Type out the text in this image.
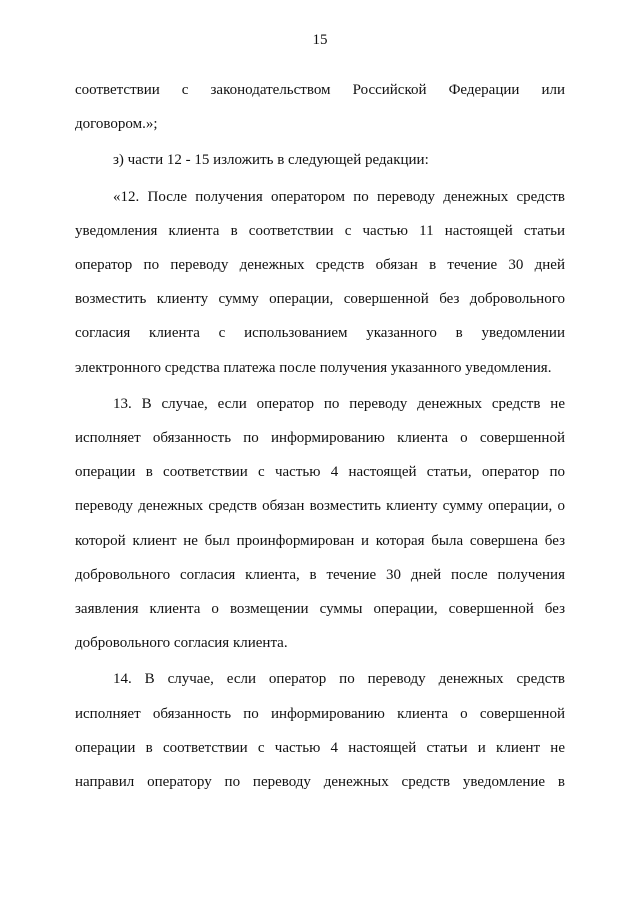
15
соответствии с законодательством Российской Федерации или
договором.»;
з) части 12 - 15 изложить в следующей редакции:
«12. После получения оператором по переводу денежных средств
уведомления клиента в соответствии с частью 11 настоящей статьи
оператор по переводу денежных средств обязан в течение 30 дней
возместить клиенту сумму операции, совершенной без добровольного
согласия клиента с использованием указанного в уведомлении
электронного средства платежа после получения указанного уведомления.
13. В случае, если оператор по переводу денежных средств не
исполняет обязанность по информированию клиента о совершенной
операции в соответствии с частью 4 настоящей статьи, оператор по
переводу денежных средств обязан возместить клиенту сумму операции, о
которой клиент не был проинформирован и которая была совершена без
добровольного согласия клиента, в течение 30 дней после получения
заявления клиента о возмещении суммы операции, совершенной без
добровольного согласия клиента.
14. В случае, если оператор по переводу денежных средств
исполняет обязанность по информированию клиента о совершенной
операции в соответствии с частью 4 настоящей статьи и клиент не
направил оператору по переводу денежных средств уведомление в
